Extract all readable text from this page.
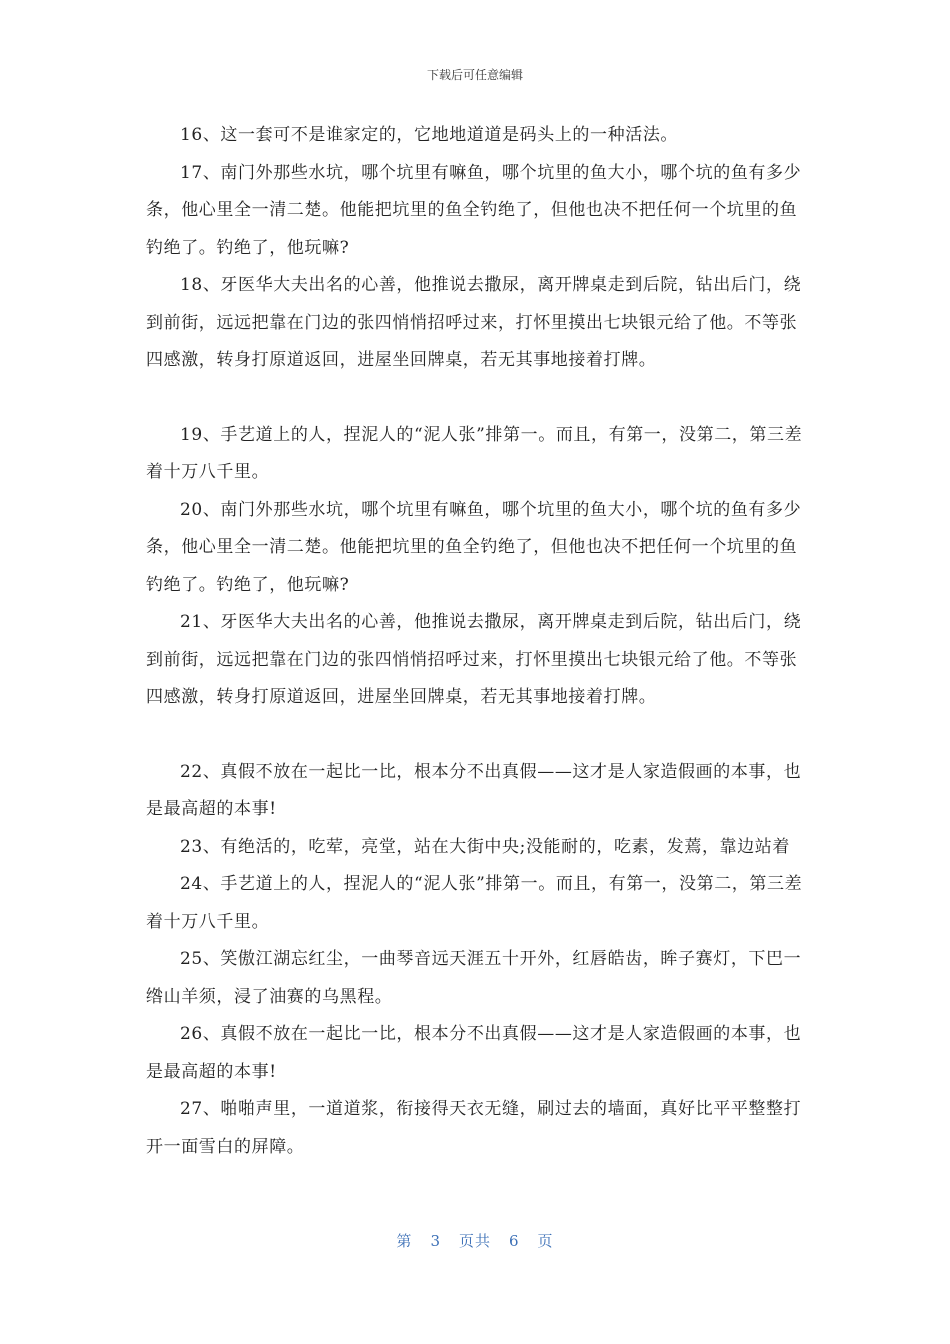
下载后可任意编辑

16、这一套可不是谁家定的，它地地道道是码头上的一种活法。

17、南门外那些水坑，哪个坑里有嘛鱼，哪个坑里的鱼大小，哪个坑的鱼有多少条，他心里全一清二楚。他能把坑里的鱼全钓绝了，但他也决不把任何一个坑里的鱼钓绝了。钓绝了，他玩嘛?

18、牙医华大夫出名的心善，他推说去撒尿，离开牌桌走到后院，钻出后门，绕到前街，远远把靠在门边的张四悄悄招呼过来，打怀里摸出七块银元给了他。不等张四感激，转身打原道返回，进屋坐回牌桌，若无其事地接着打牌。

19、手艺道上的人，捏泥人的“泥人张”排第一。而且，有第一，没第二，第三差着十万八千里。

20、南门外那些水坑，哪个坑里有嘛鱼，哪个坑里的鱼大小，哪个坑的鱼有多少条，他心里全一清二楚。他能把坑里的鱼全钓绝了，但他也决不把任何一个坑里的鱼钓绝了。钓绝了，他玩嘛?

21、牙医华大夫出名的心善，他推说去撒尿，离开牌桌走到后院，钻出后门，绕到前街，远远把靠在门边的张四悄悄招呼过来，打怀里摸出七块银元给了他。不等张四感激，转身打原道返回，进屋坐回牌桌，若无其事地接着打牌。

22、真假不放在一起比一比，根本分不出真假——这才是人家造假画的本事，也是最高超的本事!

23、有绝活的，吃荤，亮堂，站在大街中央;没能耐的，吃素，发蔫，靠边站着

24、手艺道上的人，捏泥人的“泥人张”排第一。而且，有第一，没第二，第三差着十万八千里。

25、笑傲江湖忘红尘，一曲琴音远天涯五十开外，红唇皓齿，眸子赛灯，下巴一绺山羊须，浸了油赛的乌黑程。

26、真假不放在一起比一比，根本分不出真假——这才是人家造假画的本事，也是最高超的本事!

27、啪啪声里，一道道浆，衔接得天衣无缝，刷过去的墙面，真好比平平整整打开一面雪白的屏障。

第 3 页共 6 页
